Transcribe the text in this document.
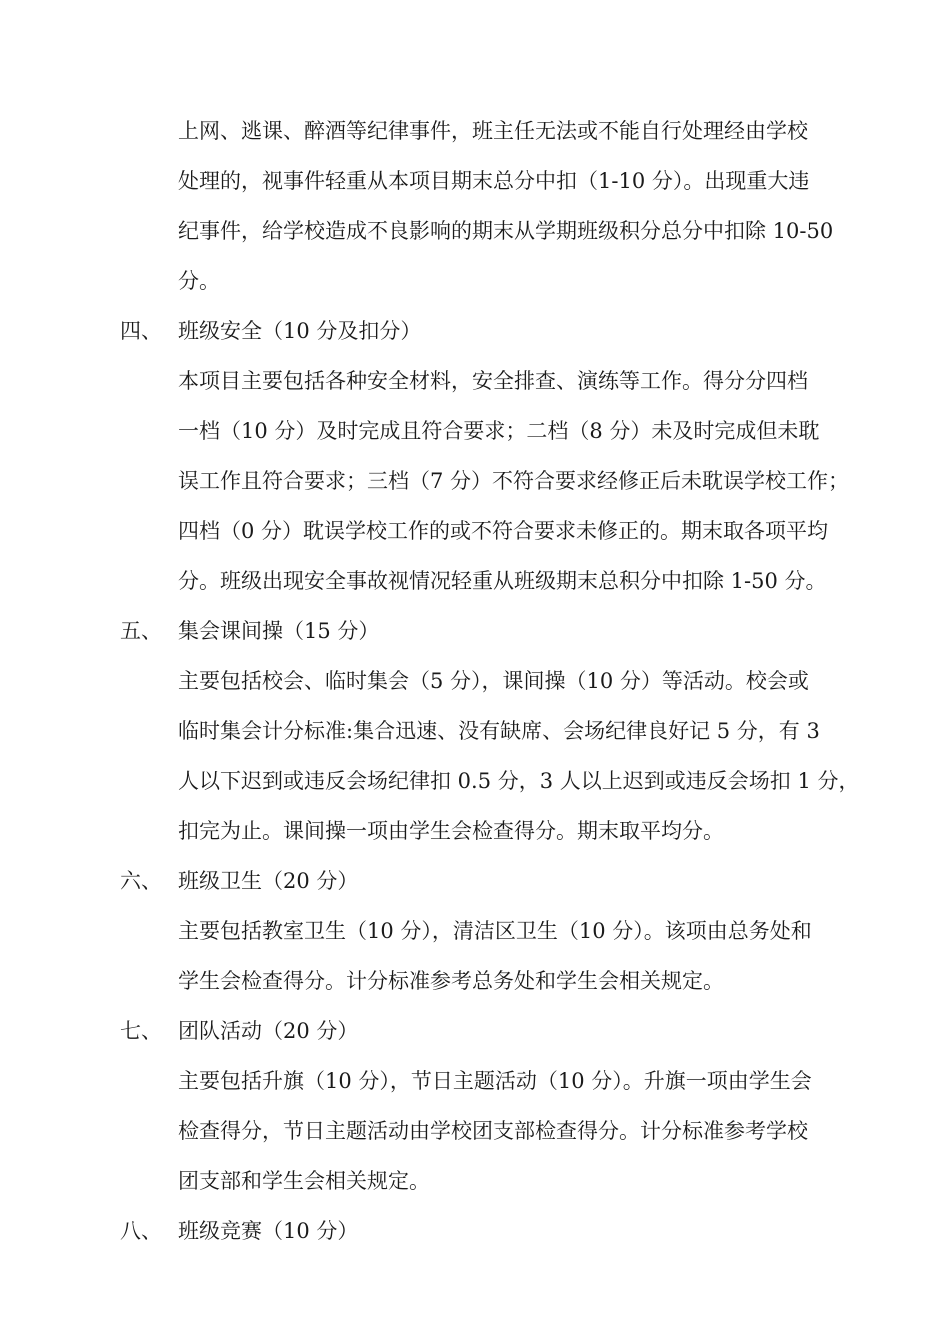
上网、逃课、醉酒等纪律事件，班主任无法或不能自行处理经由学校
处理的，视事件轻重从本项目期末总分中扣（1-10 分）。出现重大违
纪事件，给学校造成不良影响的期末从学期班级积分总分中扣除 10-50
分。
四、 班级安全（10 分及扣分）
本项目主要包括各种安全材料，安全排查、演练等工作。得分分四档
一档（10 分）及时完成且符合要求；二档（8 分）未及时完成但未耽
误工作且符合要求；三档（7 分）不符合要求经修正后未耽误学校工作；
四档（0 分）耽误学校工作的或不符合要求未修正的。期末取各项平均
分。班级出现安全事故视情况轻重从班级期末总积分中扣除 1-50 分。
五、 集会课间操（15 分）
主要包括校会、临时集会（5 分），课间操（10 分）等活动。校会或
临时集会计分标准:集合迅速、没有缺席、会场纪律良好记 5 分，有 3
人以下迟到或违反会场纪律扣 0.5 分，3 人以上迟到或违反会场扣 1 分，
扣完为止。课间操一项由学生会检查得分。期末取平均分。
六、 班级卫生（20 分）
主要包括教室卫生（10 分），清洁区卫生（10 分）。该项由总务处和
学生会检查得分。计分标准参考总务处和学生会相关规定。
七、 团队活动（20 分）
主要包括升旗（10 分），节日主题活动（10 分）。升旗一项由学生会
检查得分，节日主题活动由学校团支部检查得分。计分标准参考学校
团支部和学生会相关规定。
八、 班级竞赛（10 分）
